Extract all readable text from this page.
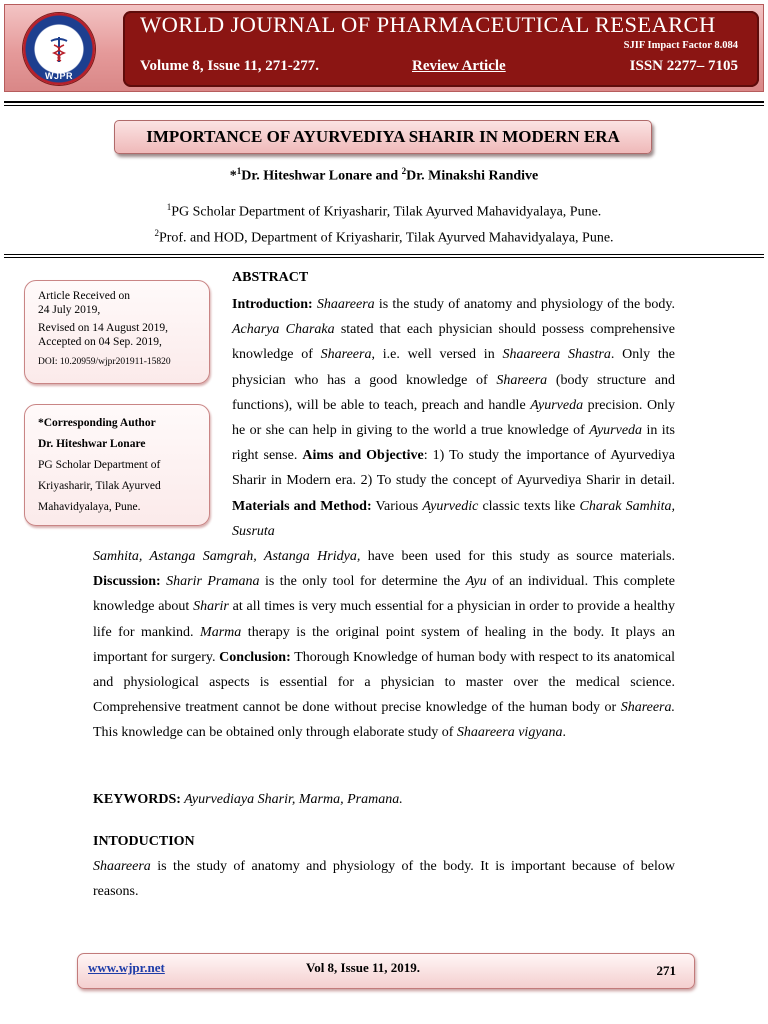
WJPR
WORLD JOURNAL OF PHARMACEUTICAL RESEARCH
SJIF Impact Factor 8.084
Volume 8, Issue 11, 271-277.	Review Article	ISSN 2277– 7105
IMPORTANCE OF AYURVEDIYA SHARIR IN MODERN ERA
*$^1$Dr. Hiteshwar Lonare and $^2$Dr. Minakshi Randive
$^1$PG Scholar Department of Kriyasharir, Tilak Ayurved Mahavidyalaya, Pune.
$^2$Prof. and HOD, Department of Kriyasharir, Tilak Ayurved Mahavidyalaya, Pune.
Article Received on
24 July 2019,
Revised on 14 August 2019,
Accepted on 04 Sep. 2019,
DOI: 10.20959/wjpr201911-15820
*Corresponding Author
Dr. Hiteshwar Lonare
PG Scholar Department of
Kriyasharir, Tilak Ayurved
Mahavidyalaya, Pune.
ABSTRACT

Introduction: Shaareera is the study of anatomy and physiology of the body. Acharya Charaka stated that each physician should possess comprehensive knowledge of Shareera, i.e. well versed in Shaareera Shastra. Only the physician who has a good knowledge of Shareera (body structure and functions), will be able to teach, preach and handle Ayurveda precision. Only he or she can help in giving to the world a true knowledge of Ayurveda in its right sense. Aims and Objective: 1) To study the importance of Ayurvediya Sharir in Modern era. 2) To study the concept of Ayurvediya Sharir in detail. Materials and Method: Various Ayurvedic classic texts like Charak Samhita, Susruta

Samhita, Astanga Samgrah, Astanga Hridya, have been used for this study as source materials. Discussion: Sharir Pramana is the only tool for determine the Ayu of an individual. This complete knowledge about Sharir at all times is very much essential for a physician in order to provide a healthy life for mankind. Marma therapy is the original point system of healing in the body. It plays an important for surgery. Conclusion: Thorough Knowledge of human body with respect to its anatomical and physiological aspects is essential for a physician to master over the medical science. Comprehensive treatment cannot be done without precise knowledge of the human body or Shareera. This knowledge can be obtained only through elaborate study of Shaareera vigyana.

KEYWORDS: Ayurvediaya Sharir, Marma, Pramana.
INTODUCTION
Shaareera is the study of anatomy and physiology of the body. It is important because of below reasons.
www.wjpr.net	Vol 8, Issue 11, 2019.	271
